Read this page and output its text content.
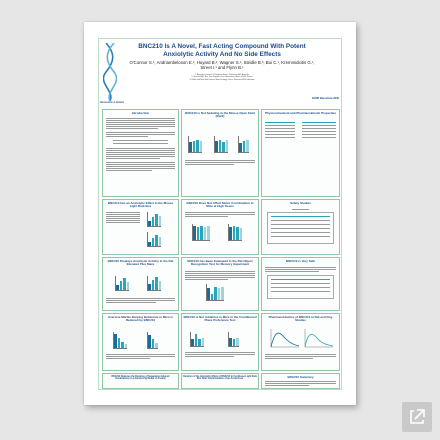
Bionomics Limited
BNC210 Is A Novel, Fast Acting Compound With Potent Anxiolytic Activity And No Side Effects
O'Connor S.¹, Andriambeloson E.², Huyard B.², Wagner S.², Steidle B.³, Bui C.¹, Kremmidiotis G.¹, Street I.¹ and Flynn B.¹
1. Bionomics Limited, 31 Dalgleish Street, Thebarton SA 5, Australia
2. Neurofit SAS, Rue Jean Sapidus, Parc d'Innovation, Illkirch 67400, France
3. Brake and Steel Self Defence Biotechnology Centre, Southend SS99, Australia
ECNP Barcelona 2009
Introduction	BNC210 is Not Sedating in the Mouse Open Field (Dark)
Physicochemical and Pharmacokinetic Properties
BNC210 has an Anxiolytic Effect in the Mouse Light Dark Box
BNC210 Does Not Affect Motor Coordination in Mice at High Doses
Safety Studies
BNC210 Displays Anxiolytic Activity in the Rat Elevated Plus Maze
BNC210 has Been Evaluated in the Rat Object Recognition Test for Memory Impairment
BNC210 is Very Safe
Aversive Marble Burying Behaviour in Mice is Reduced by BNC210
BNC210 is Not Addictive in Mice in the Conditioned Place Preference Test
Pharmacokinetics of BNC210 in Rat and Dog Studies
BNC210 Reduces the Duration of Separation Induced Vocalizations in a Guinea Pig Model of Anxiety
Duration of the Anxiolytic Effect of BNC210 in the Mouse Light Dark Box After Administration of an Acute Dose
BNC210 Summary
